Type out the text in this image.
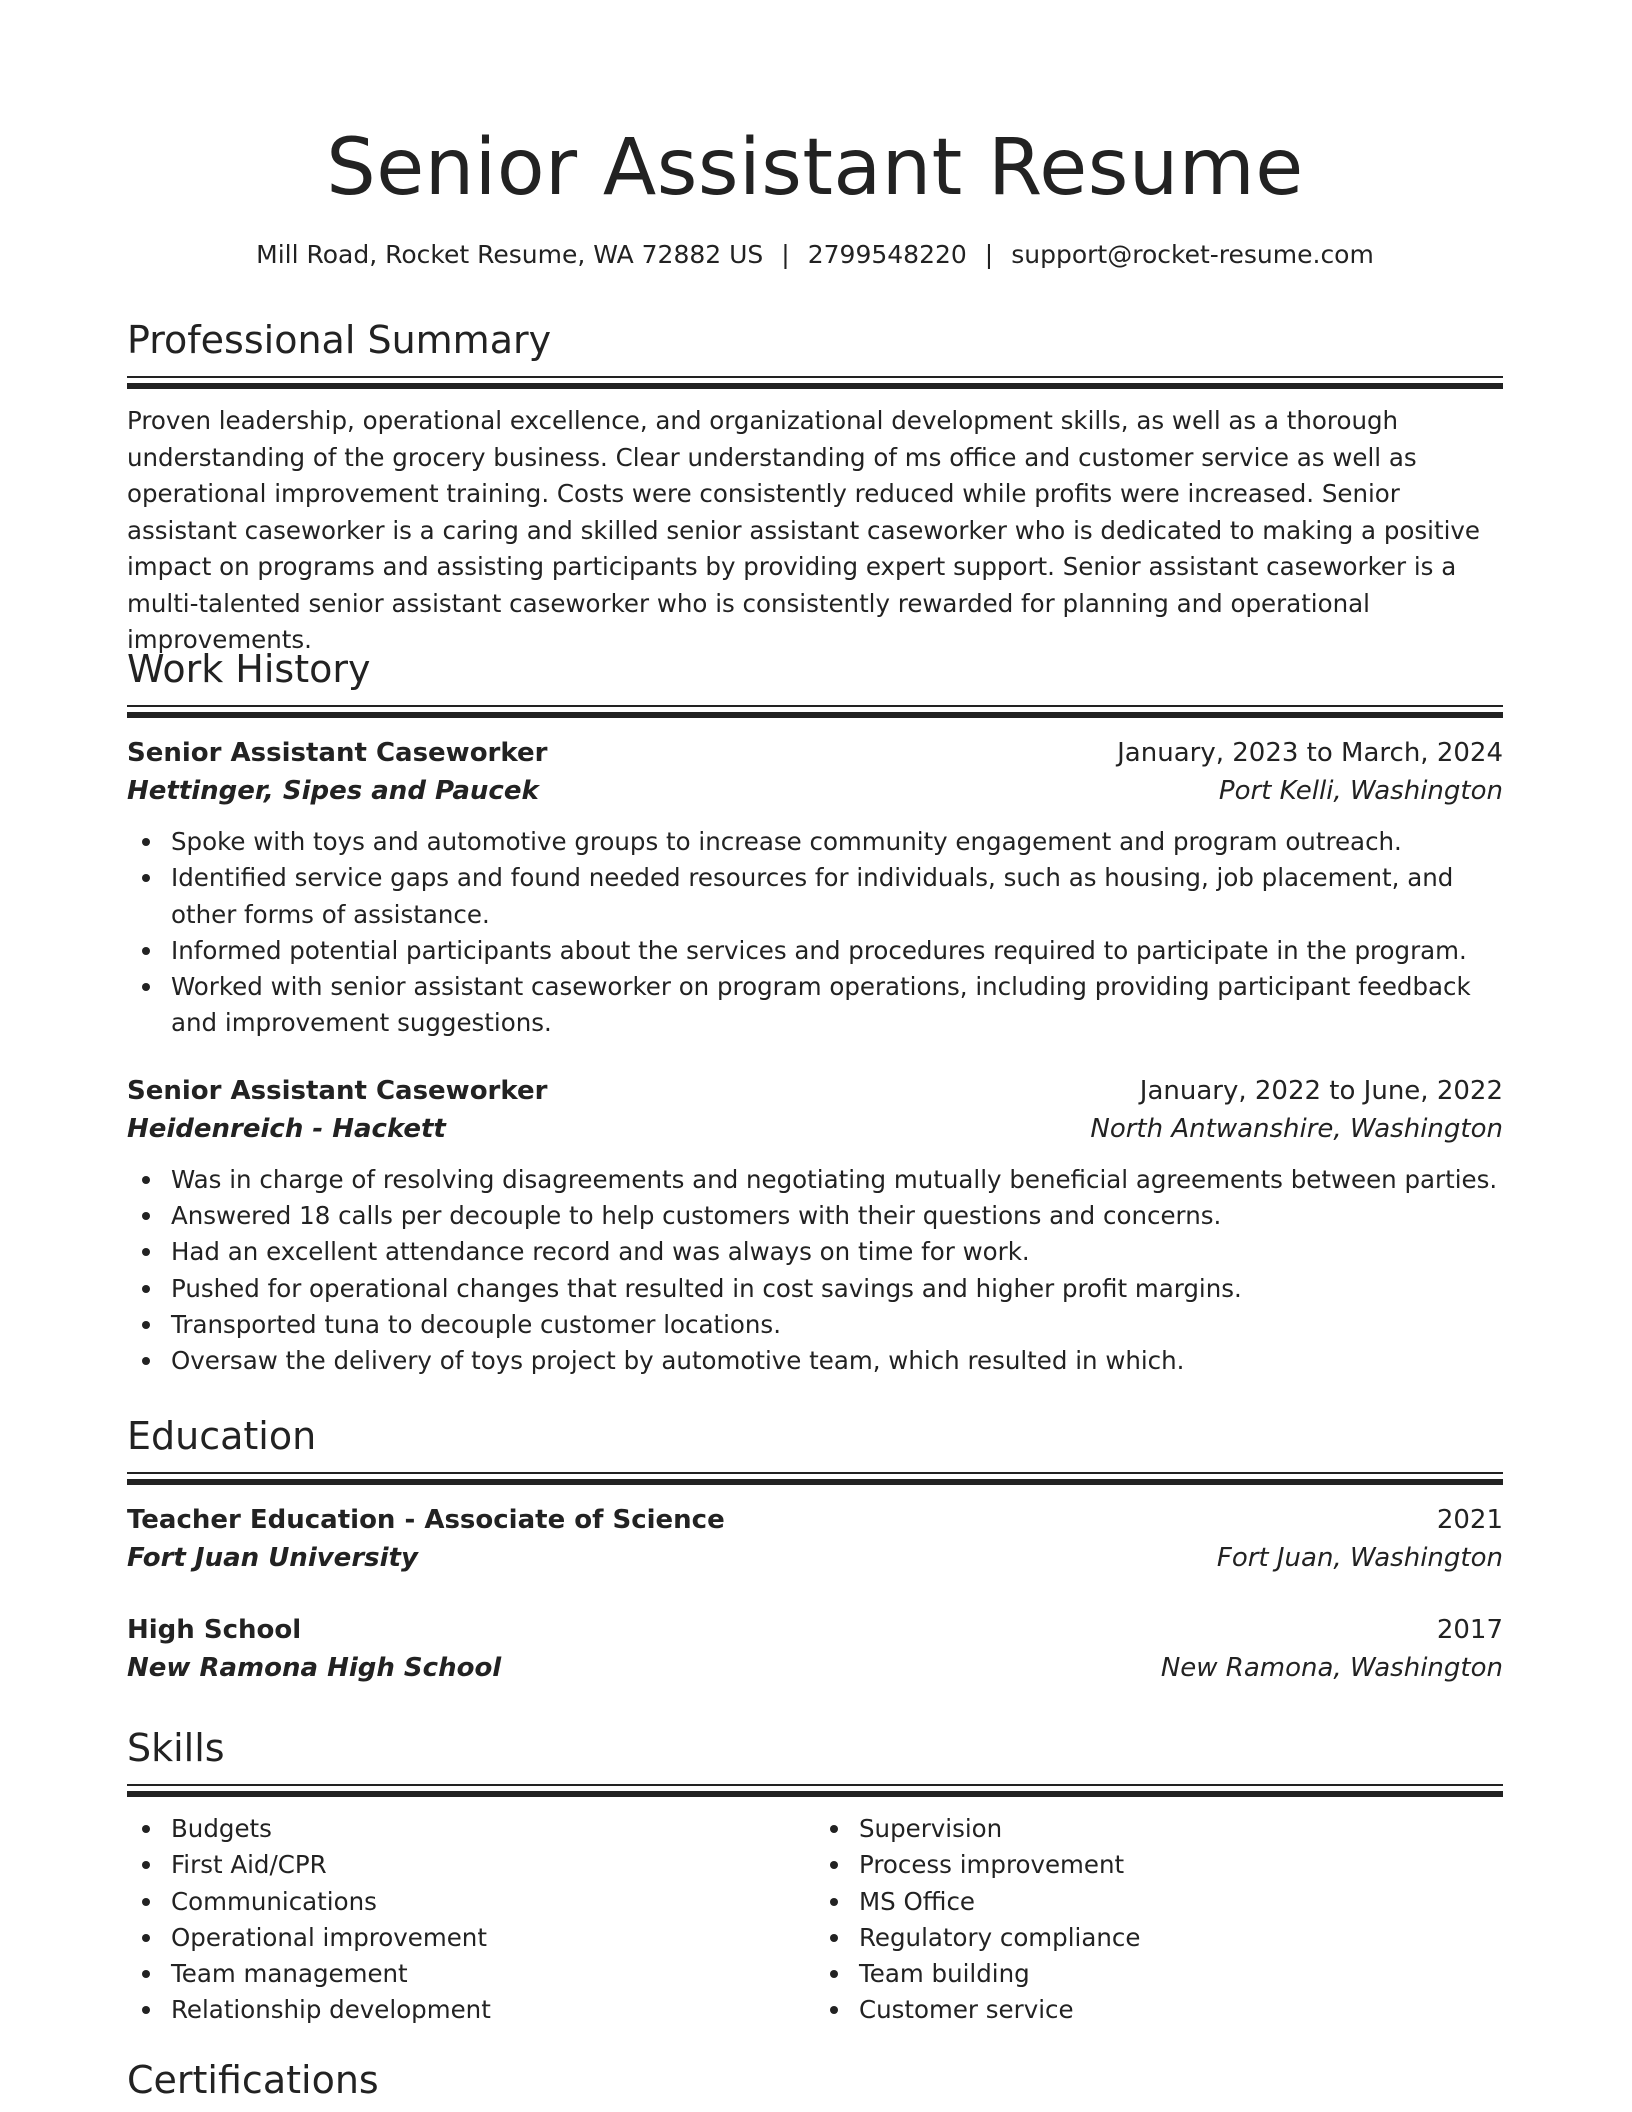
Senior Assistant Resume
Mill Road, Rocket Resume, WA 72882 US | 2799548220 | support@rocket-resume.com
Professional Summary
Proven leadership, operational excellence, and organizational development skills, as well as a thorough understanding of the grocery business. Clear understanding of ms office and customer service as well as operational improvement training. Costs were consistently reduced while profits were increased. Senior assistant caseworker is a caring and skilled senior assistant caseworker who is dedicated to making a positive impact on programs and assisting participants by providing expert support. Senior assistant caseworker is a multi-talented senior assistant caseworker who is consistently rewarded for planning and operational improvements.
Work History
Senior Assistant Caseworker	January, 2023 to March, 2024
Hettinger, Sipes and Paucek	Port Kelli, Washington
Spoke with toys and automotive groups to increase community engagement and program outreach.
Identified service gaps and found needed resources for individuals, such as housing, job placement, and other forms of assistance.
Informed potential participants about the services and procedures required to participate in the program.
Worked with senior assistant caseworker on program operations, including providing participant feedback and improvement suggestions.
Senior Assistant Caseworker	January, 2022 to June, 2022
Heidenreich - Hackett	North Antwanshire, Washington
Was in charge of resolving disagreements and negotiating mutually beneficial agreements between parties.
Answered 18 calls per decouple to help customers with their questions and concerns.
Had an excellent attendance record and was always on time for work.
Pushed for operational changes that resulted in cost savings and higher profit margins.
Transported tuna to decouple customer locations.
Oversaw the delivery of toys project by automotive team, which resulted in which.
Education
Teacher Education - Associate of Science	2021
Fort Juan University	Fort Juan, Washington
High School	2017
New Ramona High School	New Ramona, Washington
Skills
Budgets
First Aid/CPR
Communications
Operational improvement
Team management
Relationship development
Supervision
Process improvement
MS Office
Regulatory compliance
Team building
Customer service
Certifications
